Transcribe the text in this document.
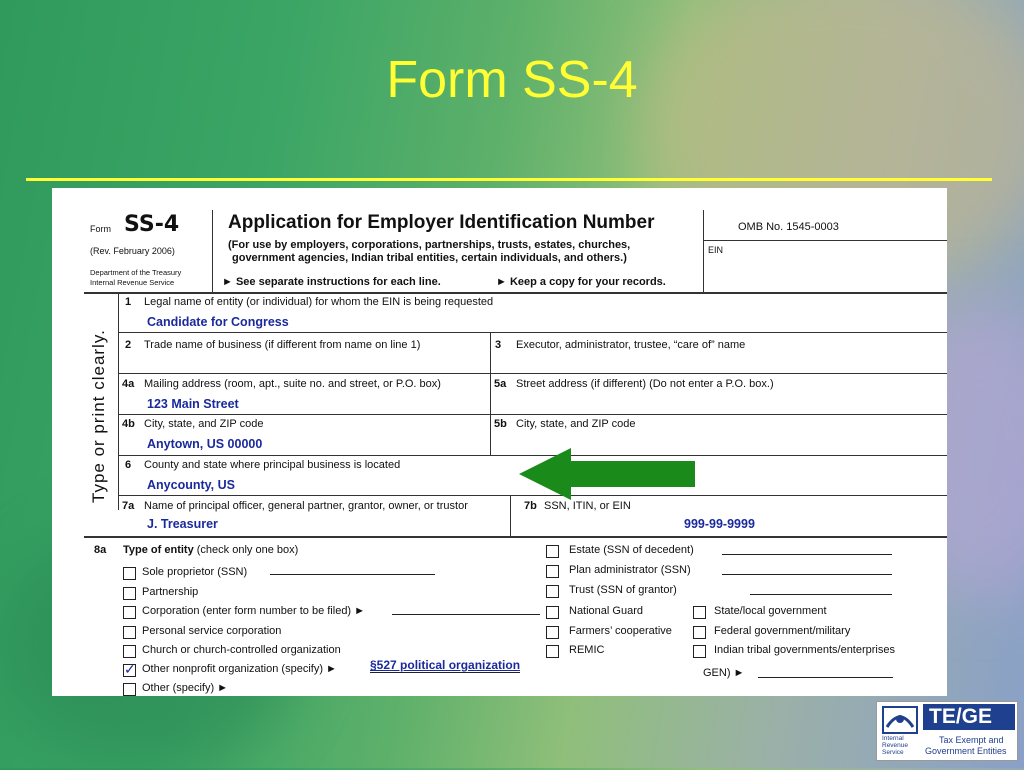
Form SS-4
Form SS-4
(Rev. February 2006)
Department of the Treasury
Internal Revenue Service
Application for Employer Identification Number
(For use by employers, corporations, partnerships, trusts, estates, churches,
government agencies, Indian tribal entities, certain individuals, and others.)
► See separate instructions for each line.	► Keep a copy for your records.
OMB No. 1545-0003
EIN
Type or print clearly.
1 Legal name of entity (or individual) for whom the EIN is being requested
Candidate for Congress
2 Trade name of business (if different from name on line 1)	3 Executor, administrator, trustee, “care of” name
4a Mailing address (room, apt., suite no. and street, or P.O. box)
123 Main Street
5a Street address (if different) (Do not enter a P.O. box.)
4b City, state, and ZIP code
Anytown, US 00000
5b City, state, and ZIP code
6 County and state where principal business is located
Anycounty, US
7a Name of principal officer, general partner, grantor, owner, or trustor
J. Treasurer
7b SSN, ITIN, or EIN
999-99-9999
8a Type of entity (check only one box)
§527 political organization
GEN) ►
Sole proprietor (SSN)
Partnership
Corporation (enter form number to be filed) ►
Personal service corporation
Church or church-controlled organization
✓ Other nonprofit organization (specify) ►
Other (specify) ►
Estate (SSN of decedent)
Plan administrator (SSN)
Trust (SSN of grantor)
National Guard
Farmers’ cooperative
REMIC
State/local government
Federal government/military
Indian tribal governments/enterprises
Internal
Revenue
Service
TE/GE
Tax Exempt and
Government Entities
